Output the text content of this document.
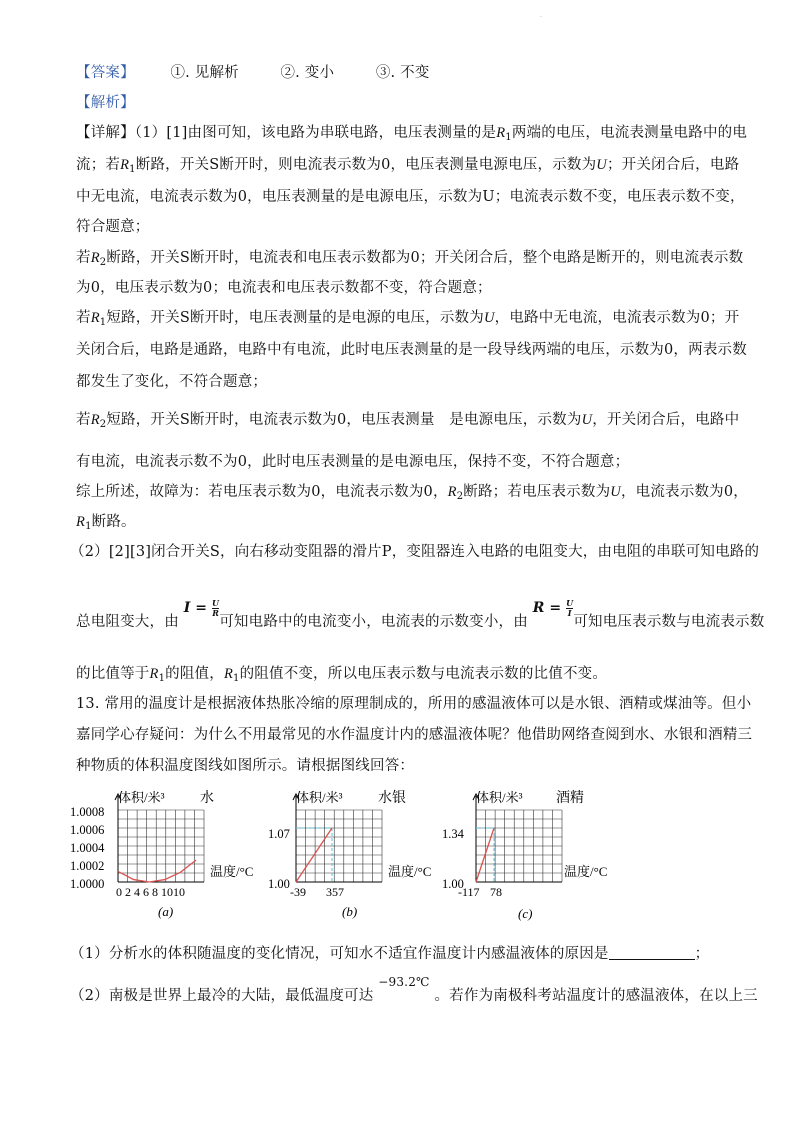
·
【答案】 ①. 见解析	②. 变小	③. 不变
【解析】
【详解】（1）[1]由图可知，该电路为串联电路，电压表测量的是$R_1$两端的电压，电流表测量电路中的电
流；若$R_1$断路，开关S断开时，则电流表示数为0，电压表测量电源电压，示数为U；开关闭合后，电路
中无电流，电流表示数为0，电压表测量的是电源电压，示数为U；电流表示数不变，电压表示数不变，
符合题意；
若$R_2$断路，开关S断开时，电流表和电压表示数都为0；开关闭合后，整个电路是断开的，则电流表示数
为0，电压表示数为0；电流表和电压表示数都不变，符合题意；
若$R_1$短路，开关S断开时，电压表测量的是电源的电压，示数为U，电路中无电流，电流表示数为0；开
关闭合后，电路是通路，电路中有电流，此时电压表测量的是一段导线两端的电压，示数为0，两表示数
都发生了变化，不符合题意；
若$R_2$短路，开关S断开时，电流表示数为0，电压表测量　是电源电压，示数为U，开关闭合后，电路中
有电流，电流表示数不为0，此时电压表测量的是电源电压，保持不变，不符合题意；
综上所述，故障为：若电压表示数为0，电流表示数为0，$R_2$断路；若电压表示数为U，电流表示数为0，
$R_1$断路。
（2）[2][3]闭合开关S，向右移动变阻器的滑片P，变阻器连入电路的电阻变大，由电阻的串联可知电路的
总电阻变大，由 $I = \frac{U}{R}$
可知电路中的电流变小，电流表的示数变小，由 $R = \frac{U}{I}$
可知电压表示数与电流表示数
的比值等于$R_1$的阻值，$R_1$的阻值不变，所以电压表示数与电流表示数的比值不变。
13. 常用的温度计是根据液体热胀冷缩的原理制成的，所用的感温液体可以是水银、酒精或煤油等。但小
嘉同学心存疑问：为什么不用最常见的水作温度计内的感温液体呢？他借助网络查阅到水、水银和酒精三
种物质的体积温度图线如图所示。请根据图线回答：
体积/米³	水
1.0008
1.0006
1.0004
1.0002
1.0000
温度/°C
0 2 4 6 8 1010
(a)
体积/米³	水银
1.07
1.00
温度/°C
-39 357
(b)
体积/米³ 酒精
1.34
1.00
温度/°C
-117 78
(c)
（1）分析水的体积随温度的变化情况，可知水不适宜作温度计内感温液体的原因是	；
（2）南极是世界上最冷的大陆，最低温度可达 $^{-93.2℃}$ 。若作为南极科考站温度计的感温液体，在以上三
